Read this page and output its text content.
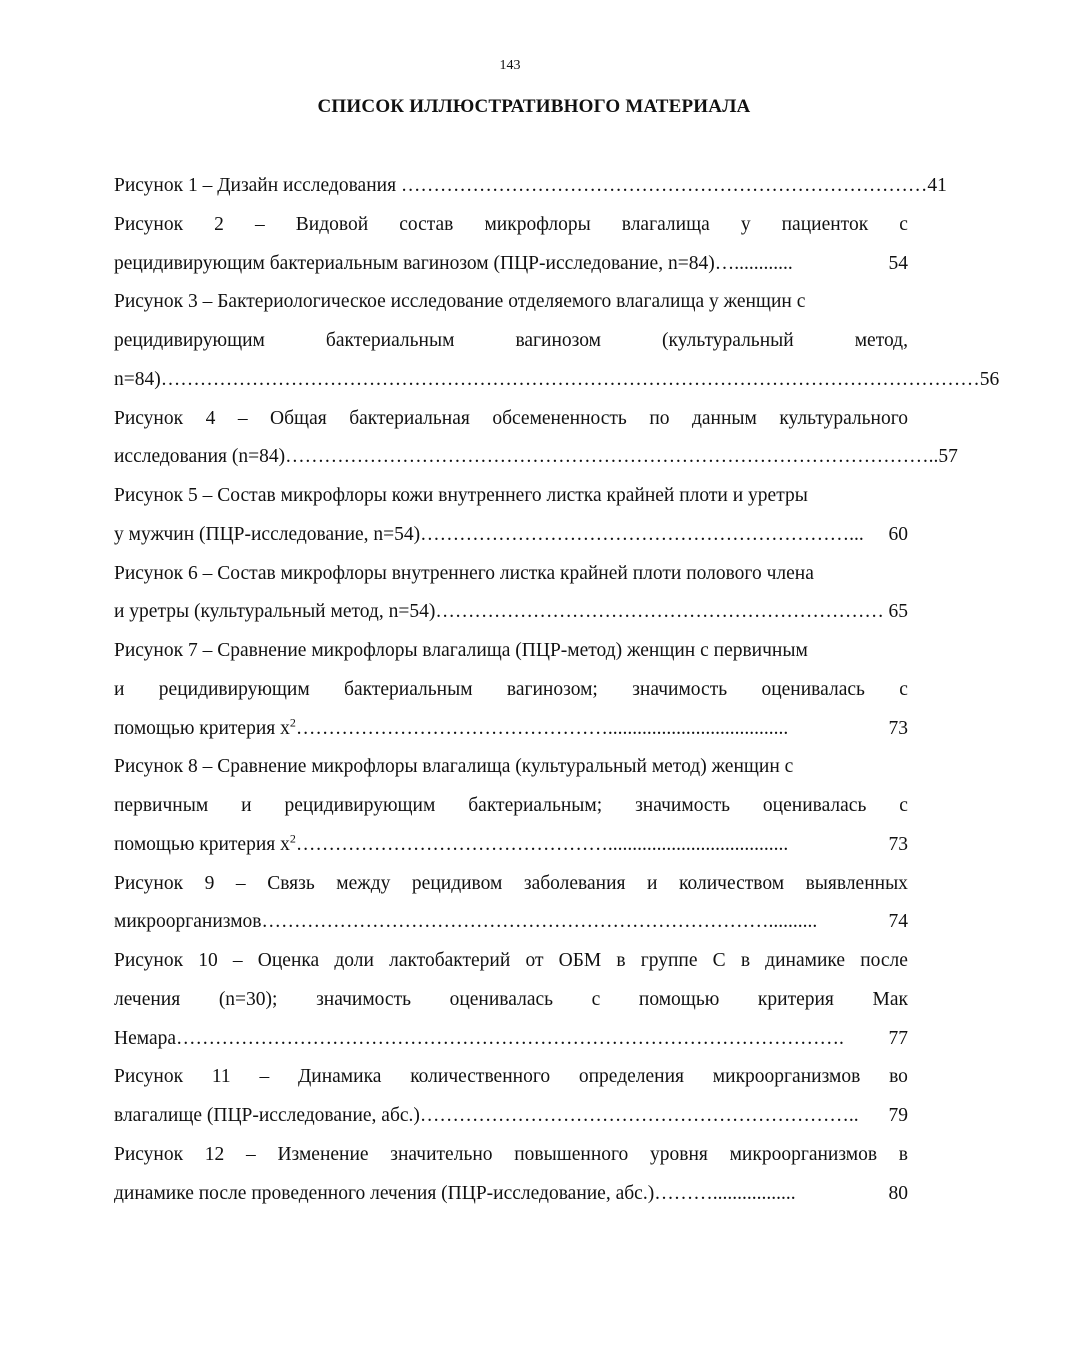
143
СПИСОК ИЛЛЮСТРАТИВНОГО МАТЕРИАЛА
Рисунок 1 – Дизайн исследования ……………………………………………………………………… 41
Рисунок 2 – Видовой состав микрофлоры влагалища у пациенток с
рецидивирующим бактериальным вагинозом (ПЦР-исследование, n=84) …............	54
Рисунок 3 – Бактериологическое исследование отделяемого влагалища у женщин с
рецидивирующим	бактериальным	вагинозом	(культуральный	метод,
n=84) ……………………………………………………………………………………………………………… 56
Рисунок 4 – Общая бактериальная обсемененность по данным культурального
исследования (n=84) ……………………………………………………………………………………….. 57
Рисунок 5 – Состав микрофлоры кожи внутреннего листка крайней плоти и уретры
у мужчин (ПЦР-исследование, n=54) …………………………………………………………...	60
Рисунок 6 – Состав микрофлоры внутреннего листка крайней плоти полового члена
и уретры (культуральный метод, n=54) …………………………………………………………… 65
Рисунок 7 – Сравнение микрофлоры влагалища (ПЦР-метод) женщин с первичным
и рецидивирующим бактериальным вагинозом; значимость оценивалась с
помощью критерия $х^2$ ………………………………………….....................................	73
Рисунок 8 – Сравнение микрофлоры влагалища (культуральный метод) женщин с
первичным и рецидивирующим бактериальным; значимость оценивалась с
помощью критерия $х^2$ ………………………………………….....................................	73
Рисунок 9 – Связь между рецидивом заболевания и количеством выявленных
микроорганизмов ……………………………………………………………………..........	74
Рисунок 10 – Оценка доли лактобактерий от ОБМ в группе С в динамике после
лечения (n=30); значимость оценивалась с помощью критерия Мак
Немара ………………………………………………………………………………………….	77
Рисунок 11 – Динамика количественного определения микроорганизмов во
влагалище (ПЦР-исследование, абс.) …………………………………………………………..	79
Рисунок 12 – Изменение значительно повышенного уровня микроорганизмов в
динамике после проведенного лечения (ПЦР-исследование, абс.) ……….................	80
